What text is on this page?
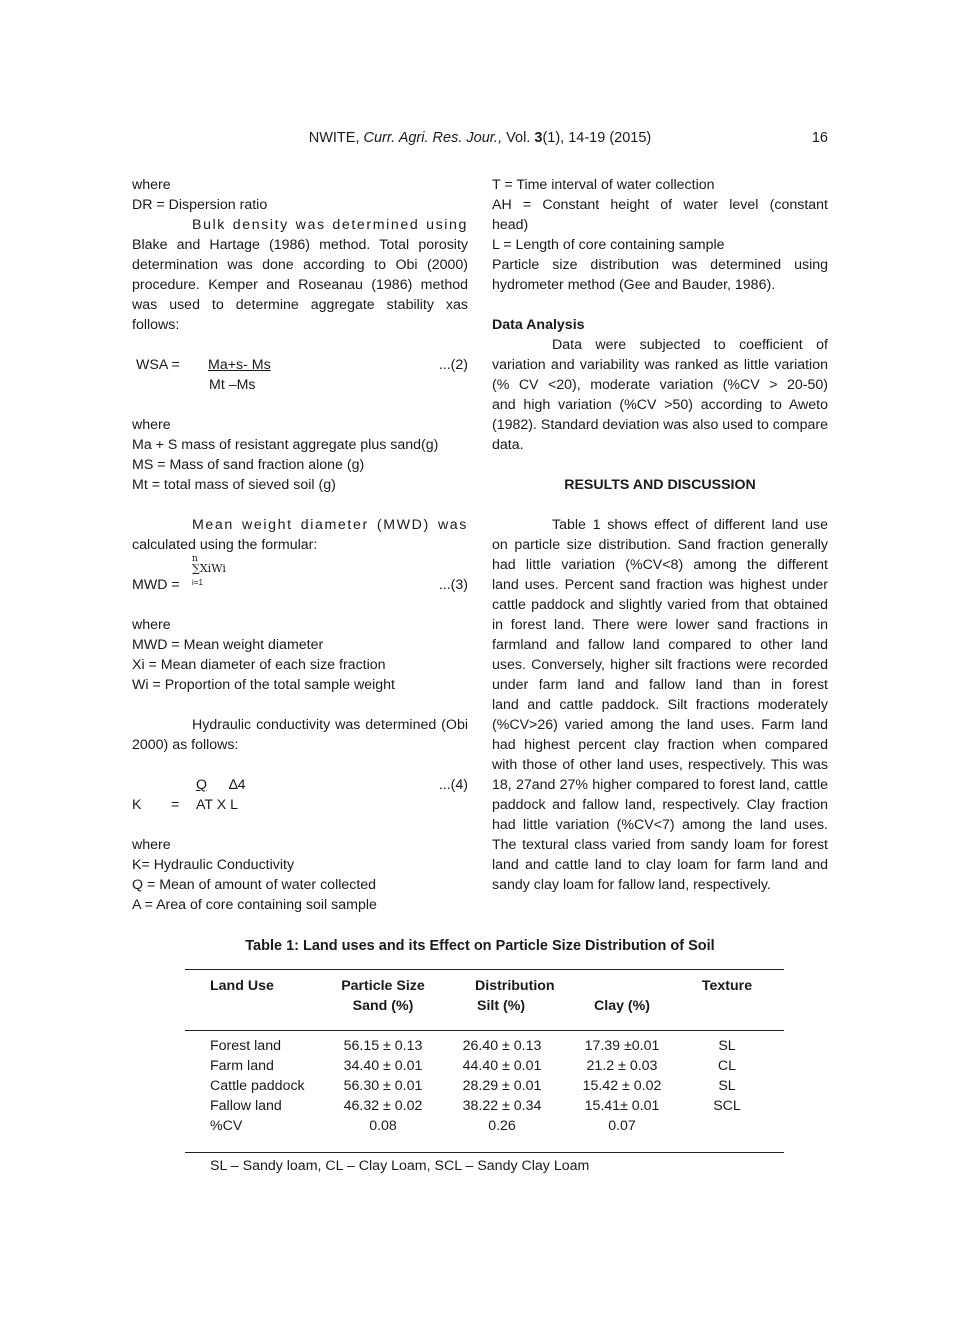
NWITE, Curr. Agri. Res. Jour., Vol. 3(1), 14-19 (2015)	16
where
DR = Dispersion ratio
Bulk density was determined using
Blake and Hartage (1986) method. Total porosity
determination was done according to Obi (2000)
procedure. Kemper and Roseanau (1986) method
was used to determine aggregate stability xas
follows:
WSA = Ma+s- Ms	...(2)
Mt –Ms
where
Ma + S mass of resistant aggregate plus sand(g)
MS = Mass of sand fraction alone (g)
Mt = total mass of sieved soil (g)
Mean weight diameter (MWD) was
calculated using the formular:
n
∑XiWi
MWD = i=1	...(3)
where
MWD = Mean weight diameter
Xi = Mean diameter of each size fraction
Wi = Proportion of the total sample weight
Hydraulic conductivity was determined (Obi
2000) as follows:
Q ∆4	...(4)
K = AT X L
where
K= Hydraulic Conductivity
Q = Mean of amount of water collected
A = Area of core containing soil sample
T = Time interval of water collection
AH = Constant height of water level (constant
head)
L = Length of core containing sample
Particle size distribution was determined using
hydrometer method (Gee and Bauder, 1986).
Data Analysis
Data were subjected to coefficient of
variation and variability was ranked as little variation
(% CV <20), moderate variation (%CV > 20-50)
and high variation (%CV >50) according to Aweto
(1982). Standard deviation was also used to compare
data.
RESULTS AND DISCUSSION
Table 1 shows effect of different land use
on particle size distribution. Sand fraction generally
had little variation (%CV<8) among the different
land uses. Percent sand fraction was highest under
cattle paddock and slightly varied from that obtained
in forest land. There were lower sand fractions in
farmland and fallow land compared to other land
uses. Conversely, higher silt fractions were recorded
under farm land and fallow land than in forest
land and cattle paddock. Silt fractions moderately
(%CV>26) varied among the land uses. Farm land
had highest percent clay fraction when compared
with those of other land uses, respectively. This was
18, 27and 27% higher compared to forest land, cattle
paddock and fallow land, respectively. Clay fraction
had little variation (%CV<7) among the land uses.
The textural class varied from sandy loam for forest
land and cattle land to clay loam for farm land and
sandy clay loam for fallow land, respectively.
Table 1: Land uses and its Effect on Particle Size Distribution of Soil
Land Use	Particle Size
Sand (%)
Distribution
Silt (%)	Clay (%)
Texture
Forest land	56.15 ± 0.13	26.40 ± 0.13	17.39 ±0.01	SL
Farm land	34.40 ± 0.01	44.40 ± 0.01	21.2 ± 0.03	CL
Cattle paddock	56.30 ± 0.01	28.29 ± 0.01	15.42 ± 0.02	SL
Fallow land	46.32 ± 0.02	38.22 ± 0.34	15.41± 0.01	SCL
%CV	0.08	0.26	0.07
SL – Sandy loam, CL – Clay Loam, SCL – Sandy Clay Loam
